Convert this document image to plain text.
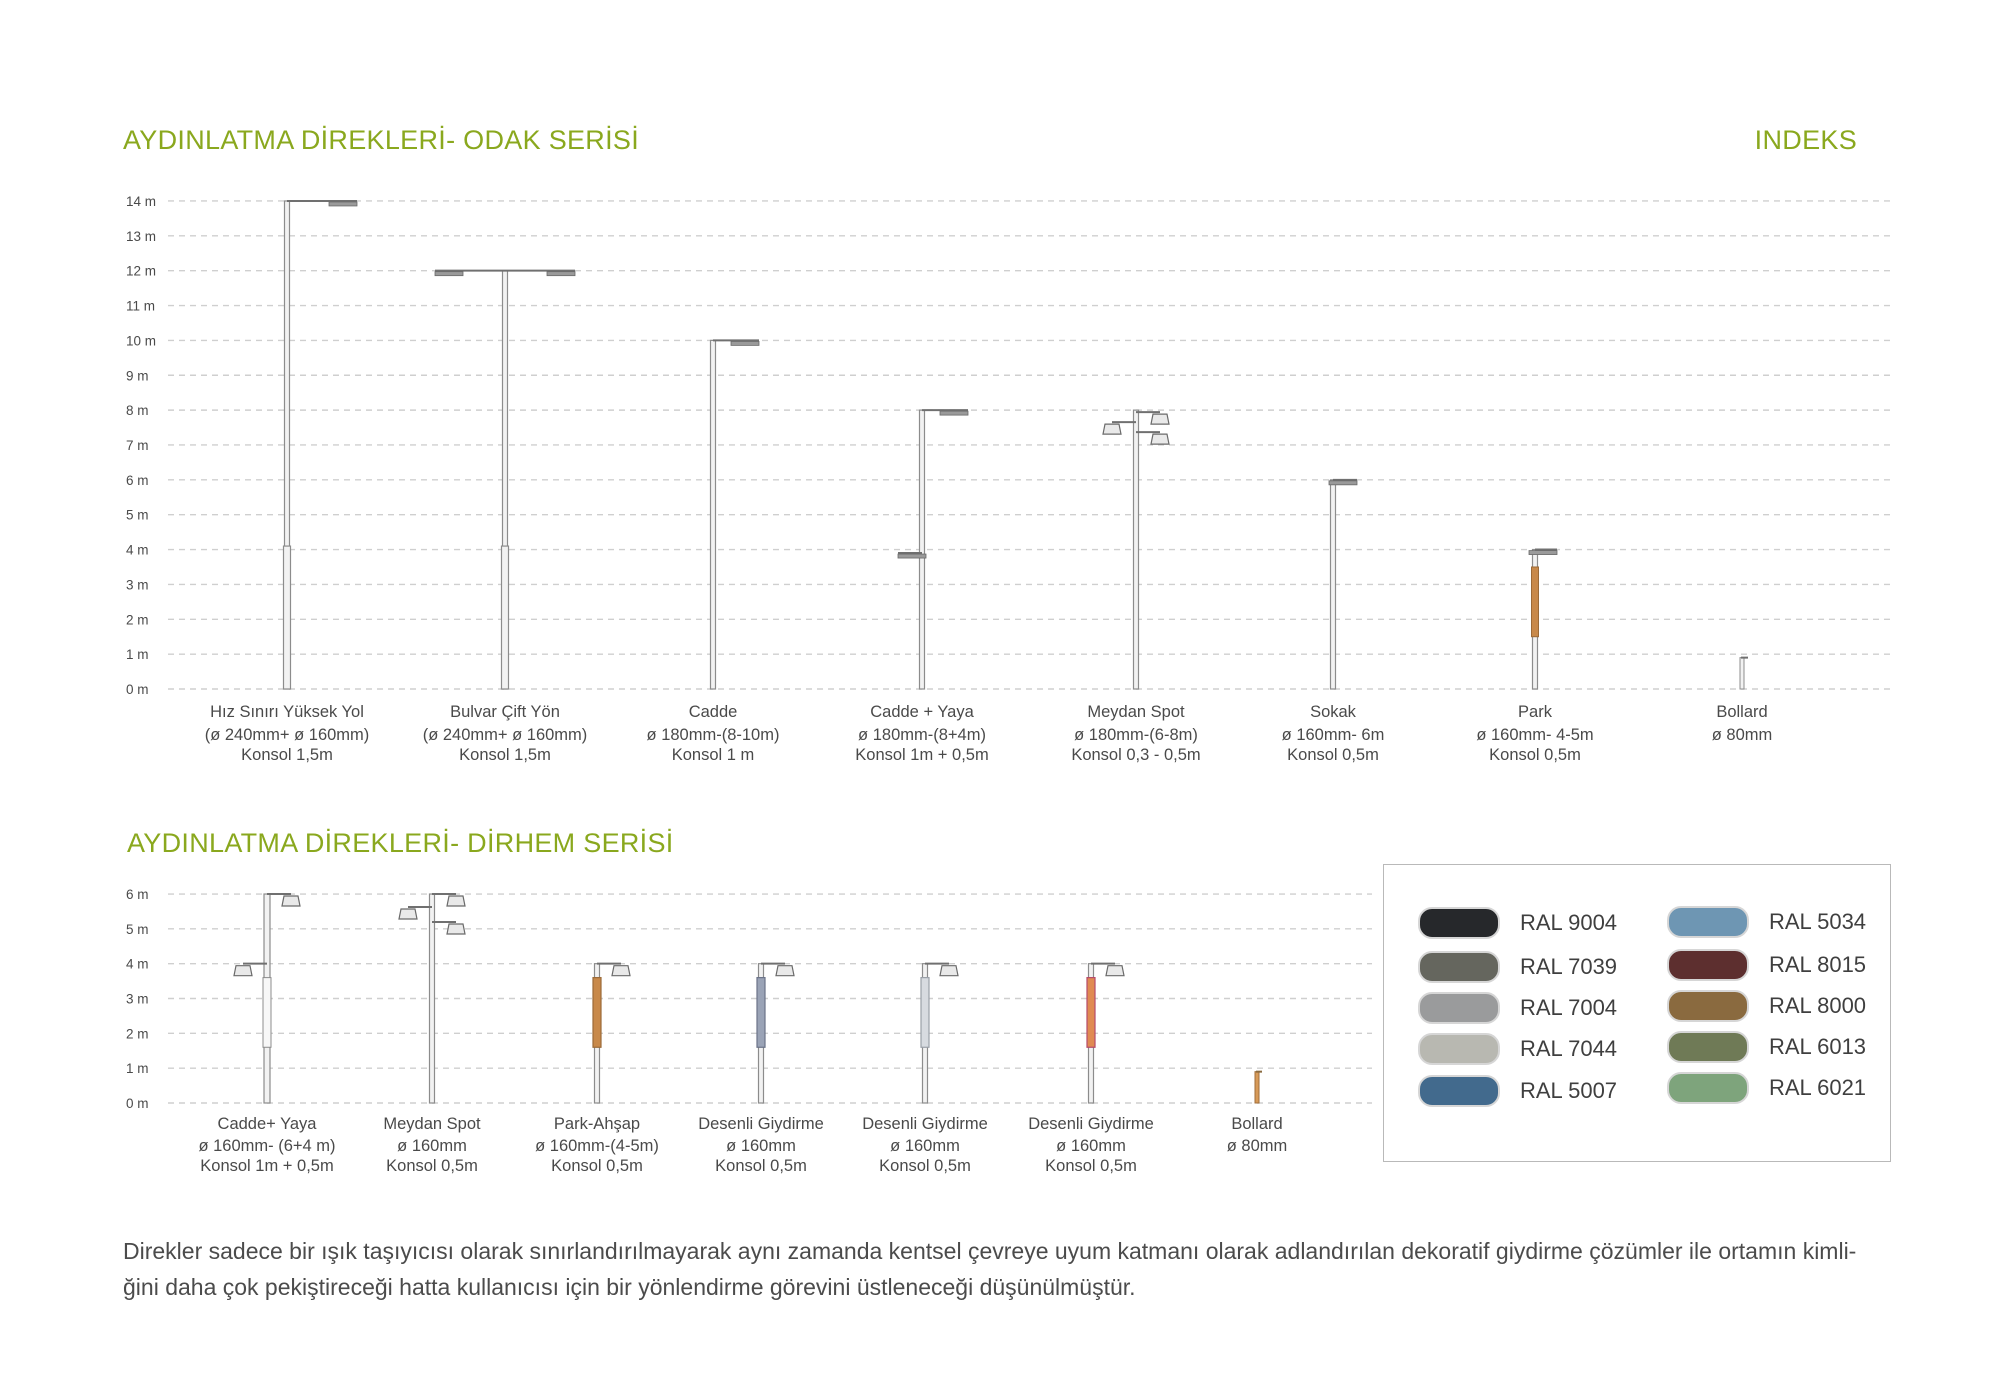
AYDINLATMA DİREKLERİ- ODAK SERİSİ	INDEKS
AYDINLATMA DİREKLERİ- DİRHEM SERİSİ
0 m
1 m
2 m
3 m
4 m
5 m
6 m
7 m
8 m
9 m
10 m
11 m
12 m
13 m
14 m
Hız Sınırı Yüksek Yol
(ø 240mm+ ø 160mm)
Konsol 1,5m
Bulvar Çift Yön
(ø 240mm+ ø 160mm)
Konsol 1,5m
Cadde
ø 180mm-(8-10m)
Konsol 1 m
Cadde + Yaya
ø 180mm-(8+4m)
Konsol 1m + 0,5m
Meydan Spot
ø 180mm-(6-8m)
Konsol 0,3 - 0,5m
Sokak
ø 160mm- 6m
Konsol 0,5m
Park
ø 160mm- 4-5m
Konsol 0,5m
Bollard
ø 80mm
0 m
1 m
2 m
3 m
4 m
5 m
6 m
Cadde+ Yaya
ø 160mm- (6+4 m)
Konsol 1m + 0,5m
Meydan Spot
ø 160mm
Konsol 0,5m
Park-Ahşap
ø 160mm-(4-5m)
Konsol 0,5m
Desenli Giydirme
ø 160mm
Konsol 0,5m
Desenli Giydirme
ø 160mm
Konsol 0,5m
Desenli Giydirme
ø 160mm
Konsol 0,5m
Bollard
ø 80mm
RAL 9004
RAL 7039
RAL 7004
RAL 7044
RAL 5007
RAL 5034
RAL 8015
RAL 8000
RAL 6013
RAL 6021
Direkler sadece bir ışık taşıyıcısı olarak sınırlandırılmayarak aynı zamanda kentsel çevreye uyum katmanı olarak adlandırılan dekoratif giydirme çözümler ile ortamın kimli-
ğini daha çok pekiştireceği hatta kullanıcısı için bir yönlendirme görevini üstleneceği düşünülmüştür.
